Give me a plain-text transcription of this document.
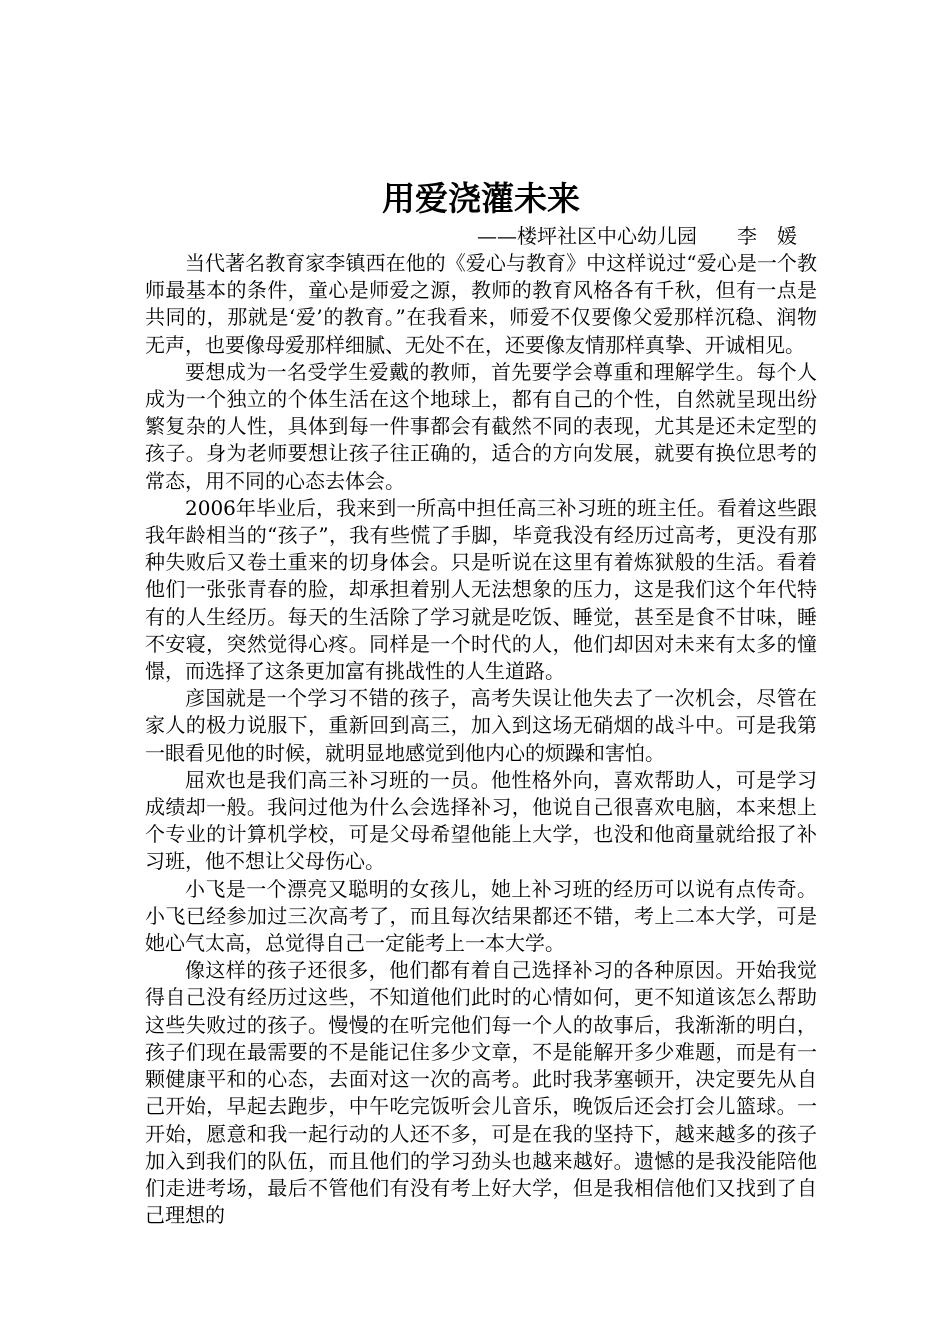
用爱浇灌未来
——楼坪社区中心幼儿园　　李　媛

当代著名教育家李镇西在他的《爱心与教育》中这样说过“爱心是一个教师最基本的条件，童心是师爱之源，教师的教育风格各有千秋，但有一点是共同的，那就是‘爱’的教育。”在我看来，师爱不仅要像父爱那样沉稳、润物无声，也要像母爱那样细腻、无处不在，还要像友情那样真挚、开诚相见。

要想成为一名受学生爱戴的教师，首先要学会尊重和理解学生。每个人成为一个独立的个体生活在这个地球上，都有自己的个性，自然就呈现出纷繁复杂的人性，具体到每一件事都会有截然不同的表现，尤其是还未定型的孩子。身为老师要想让孩子往正确的，适合的方向发展，就要有换位思考的常态，用不同的心态去体会。

2006年毕业后，我来到一所高中担任高三补习班的班主任。看着这些跟我年龄相当的“孩子”，我有些慌了手脚，毕竟我没有经历过高考，更没有那种失败后又卷土重来的切身体会。只是听说在这里有着炼狱般的生活。看着他们一张张青春的脸，却承担着别人无法想象的压力，这是我们这个年代特有的人生经历。每天的生活除了学习就是吃饭、睡觉，甚至是食不甘味，睡不安寝，突然觉得心疼。同样是一个时代的人，他们却因对未来有太多的憧憬，而选择了这条更加富有挑战性的人生道路。

彦国就是一个学习不错的孩子，高考失误让他失去了一次机会，尽管在家人的极力说服下，重新回到高三，加入到这场无硝烟的战斗中。可是我第一眼看见他的时候，就明显地感觉到他内心的烦躁和害怕。

屈欢也是我们高三补习班的一员。他性格外向，喜欢帮助人，可是学习成绩却一般。我问过他为什么会选择补习，他说自己很喜欢电脑，本来想上个专业的计算机学校，可是父母希望他能上大学，也没和他商量就给报了补习班，他不想让父母伤心。

小飞是一个漂亮又聪明的女孩儿，她上补习班的经历可以说有点传奇。小飞已经参加过三次高考了，而且每次结果都还不错，考上二本大学，可是她心气太高，总觉得自己一定能考上一本大学。

像这样的孩子还很多，他们都有着自己选择补习的各种原因。开始我觉得自己没有经历过这些，不知道他们此时的心情如何，更不知道该怎么帮助这些失败过的孩子。慢慢的在听完他们每一个人的故事后，我渐渐的明白，孩子们现在最需要的不是能记住多少文章，不是能解开多少难题，而是有一颗健康平和的心态，去面对这一次的高考。此时我茅塞顿开，决定要先从自己开始，早起去跑步，中午吃完饭听会儿音乐，晚饭后还会打会儿篮球。一开始，愿意和我一起行动的人还不多，可是在我的坚持下，越来越多的孩子加入到我们的队伍，而且他们的学习劲头也越来越好。遗憾的是我没能陪他们走进考场，最后不管他们有没有考上好大学，但是我相信他们又找到了自己理想的
